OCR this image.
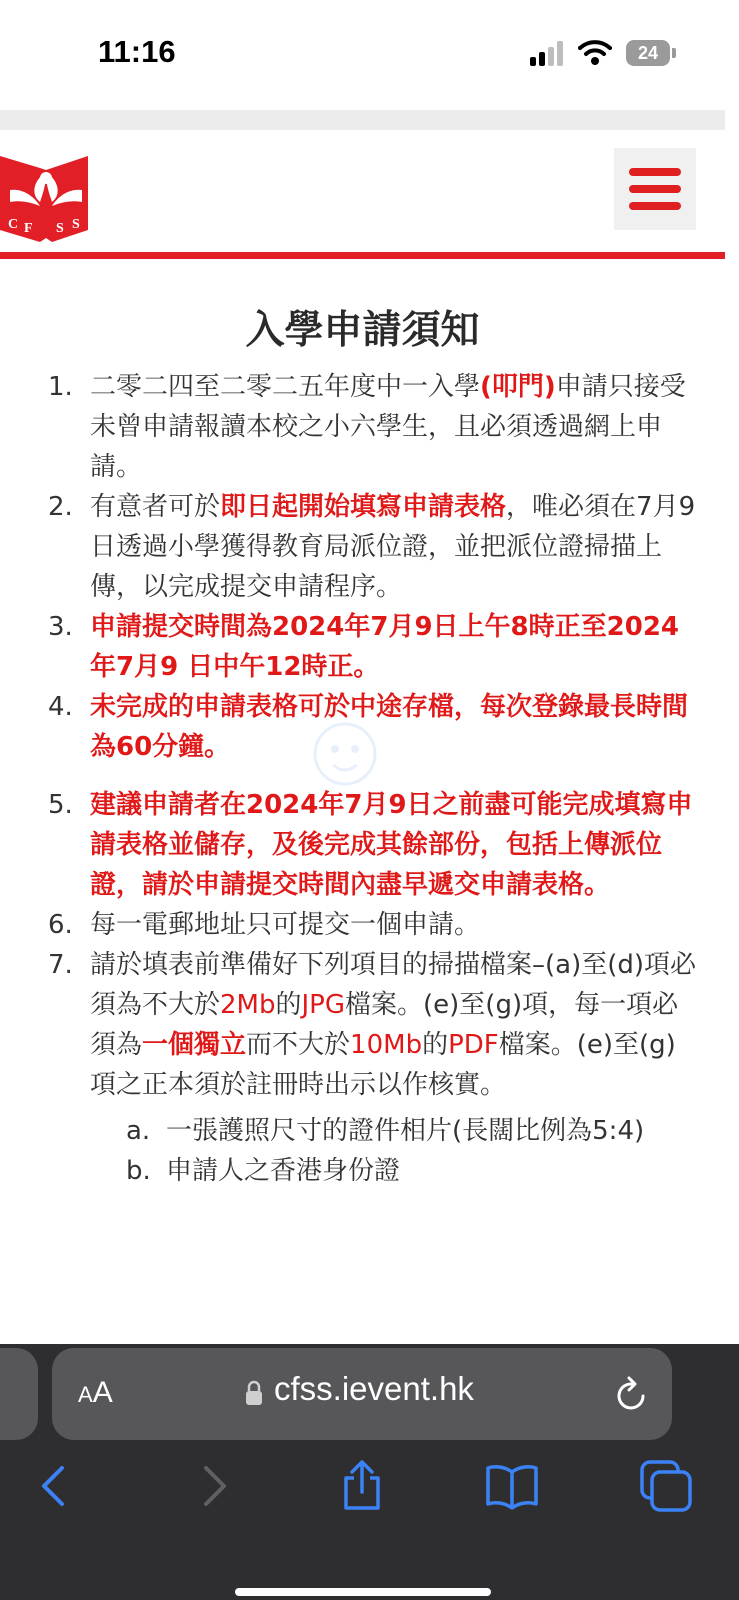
11:16	24
C F S S
入學申請須知
1. 二零二四至二零二五年度中一入學(叩門)申請只接受未曾申請報讀本校之小六學生，且必須透過網上申請。
2. 有意者可於即日起開始填寫申請表格，唯必須在7月9日透過小學獲得教育局派位證，並把派位證掃描上傳，以完成提交申請程序。
3. 申請提交時間為2024年7月9日上午8時正至2024年7月9 日中午12時正。
4. 未完成的申請表格可於中途存檔，每次登錄最長時間為60分鐘。
5. 建議申請者在2024年7月9日之前盡可能完成填寫申請表格並儲存，及後完成其餘部份，包括上傳派位證，請於申請提交時間內盡早遞交申請表格。
6. 每一電郵地址只可提交一個申請。
7. 請於填表前準備好下列項目的掃描檔案–(a)至(d)項必須為不大於2Mb的JPG檔案。(e)至(g)項，每一項必須為一個獨立而不大於10Mb的PDF檔案。(e)至(g)項之正本須於註冊時出示以作核實。
a. 一張護照尺寸的證件相片(長闊比例為5:4)
b. 申請人之香港身份證
AA	cfss.ievent.hk
